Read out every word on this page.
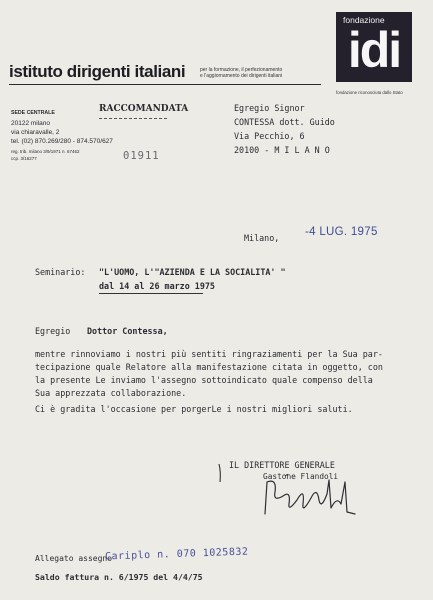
istituto dirigenti italiani	per la formazione, il perfezionamento
e l'aggiornamento dei dirigenti italiani
fondazione
idi
fondazione riconosciuta dallo Stato
SEDE CENTRALE
20122 milano
via chiaravalle, 2
tel. (02) 870.269/280 - 874.570/627
reg. trib. milano 3/9/1971 n. 67462
ccp. 3/16277
RACCOMANDATA
01911
Egregio Signor
CONTESSA dott. Guido
Via Pecchio, 6
20100 - M I L A N O
Milano, -4 LUG. 1975
Seminario: "L'UOMO, L'"AZIENDA E LA SOCIALITA' "
dal 14 al 26 marzo 1975
Egregio Dottor Contessa,
mentre rinnoviamo i nostri più sentiti ringraziamenti per la Sua par-
tecipazione quale Relatore alla manifestazione citata in oggetto, con
la presente Le inviamo l'assegno sottoindicato quale compenso della
Sua apprezzata collaborazione.
Ci è gradita l'occasione per porgerLe i nostri migliori saluti.
IL DIRETTORE GENERALE
Gastone Flandoli
Allegato assegno
Cariplo n. 070 1025832
Saldo fattura n. 6/1975 del 4/4/75
